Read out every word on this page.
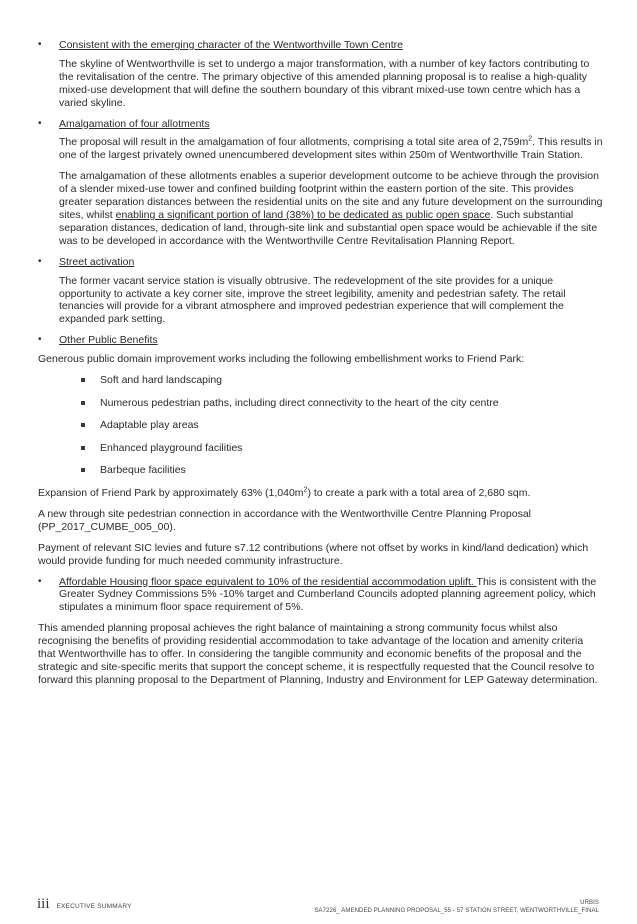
• Consistent with the emerging character of the Wentworthville Town Centre

The skyline of Wentworthville is set to undergo a major transformation, with a number of key factors contributing to the revitalisation of the centre. The primary objective of this amended planning proposal is to realise a high-quality mixed-use development that will define the southern boundary of this vibrant mixed-use town centre which has a varied skyline.

• Amalgamation of four allotments

The proposal will result in the amalgamation of four allotments, comprising a total site area of $2,759m^2$. This results in one of the largest privately owned unencumbered development sites within 250m of Wentworthville Train Station.

The amalgamation of these allotments enables a superior development outcome to be achieve through the provision of a slender mixed-use tower and confined building footprint within the eastern portion of the site. This provides greater separation distances between the residential units on the site and any future development on the surrounding sites, whilst enabling a significant portion of land (38%) to be dedicated as public open space. Such substantial separation distances, dedication of land, through-site link and substantial open space would be achievable if the site was to be developed in accordance with the Wentworthville Centre Revitalisation Planning Report.

• Street activation

The former vacant service station is visually obtrusive. The redevelopment of the site provides for a unique opportunity to activate a key corner site, improve the street legibility, amenity and pedestrian safety. The retail tenancies will provide for a vibrant atmosphere and improved pedestrian experience that will complement the expanded park setting.

• Other Public Benefits

Generous public domain improvement works including the following embellishment works to Friend Park:

Soft and hard landscaping
Numerous pedestrian paths, including direct connectivity to the heart of the city centre
Adaptable play areas
Enhanced playground facilities
Barbeque facilities

Expansion of Friend Park by approximately 63% $(1,040m^2)$ to create a park with a total area of 2,680 sqm.

A new through site pedestrian connection in accordance with the Wentworthville Centre Planning Proposal (PP_2017_CUMBE_005_00).

Payment of relevant SIC levies and future s7.12 contributions (where not offset by works in kind/land dedication) which would provide funding for much needed community infrastructure.

• Affordable Housing floor space equivalent to 10% of the residential accommodation uplift. This is consistent with the Greater Sydney Commissions 5% -10% target and Cumberland Councils adopted planning agreement policy, which stipulates a minimum floor space requirement of 5%.

This amended planning proposal achieves the right balance of maintaining a strong community focus whilst also recognising the benefits of providing residential accommodation to take advantage of the location and amenity criteria that Wentworthville has to offer. In considering the tangible community and economic benefits of the proposal and the strategic and site-specific merits that support the concept scheme, it is respectfully requested that the Council resolve to forward this planning proposal to the Department of Planning, Industry and Environment for LEP Gateway determination.

iii EXECUTIVE SUMMARY	URBIS
SA7226_ AMENDED PLANNING PROPOSAL_55 - 57 STATION STREET, WENTWORTHVILLE_FINAL
